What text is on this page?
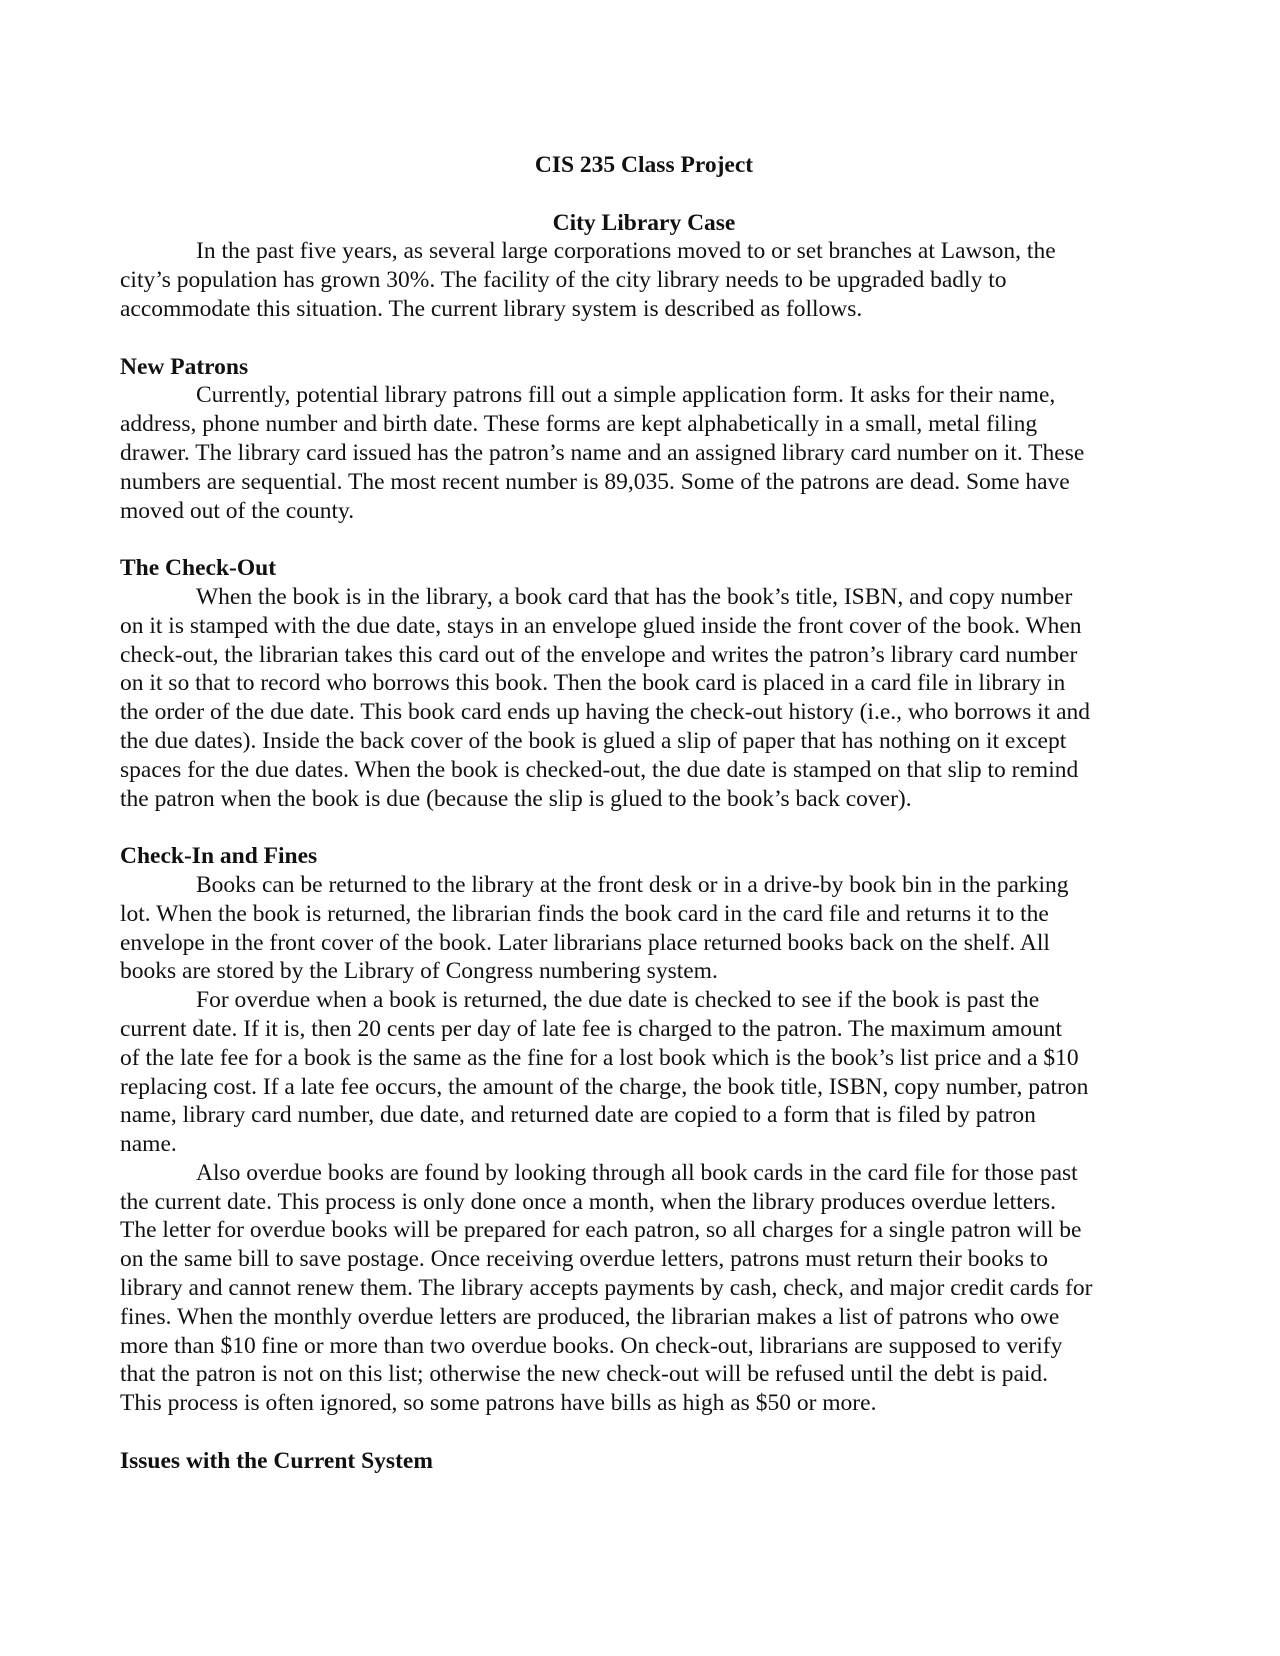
CIS 235 Class Project
City Library Case

In the past five years, as several large corporations moved to or set branches at Lawson, the
city’s population has grown 30%. The facility of the city library needs to be upgraded badly to
accommodate this situation. The current library system is described as follows.

New Patrons

Currently, potential library patrons fill out a simple application form. It asks for their name,
address, phone number and birth date. These forms are kept alphabetically in a small, metal filing
drawer. The library card issued has the patron’s name and an assigned library card number on it. These
numbers are sequential. The most recent number is 89,035. Some of the patrons are dead. Some have
moved out of the county.

The Check-Out

When the book is in the library, a book card that has the book’s title, ISBN, and copy number
on it is stamped with the due date, stays in an envelope glued inside the front cover of the book. When
check-out, the librarian takes this card out of the envelope and writes the patron’s library card number
on it so that to record who borrows this book. Then the book card is placed in a card file in library in
the order of the due date. This book card ends up having the check-out history (i.e., who borrows it and
the due dates). Inside the back cover of the book is glued a slip of paper that has nothing on it except
spaces for the due dates. When the book is checked-out, the due date is stamped on that slip to remind
the patron when the book is due (because the slip is glued to the book’s back cover).

Check-In and Fines

Books can be returned to the library at the front desk or in a drive-by book bin in the parking
lot. When the book is returned, the librarian finds the book card in the card file and returns it to the
envelope in the front cover of the book. Later librarians place returned books back on the shelf. All
books are stored by the Library of Congress numbering system.

For overdue when a book is returned, the due date is checked to see if the book is past the
current date. If it is, then 20 cents per day of late fee is charged to the patron. The maximum amount
of the late fee for a book is the same as the fine for a lost book which is the book’s list price and a $10
replacing cost. If a late fee occurs, the amount of the charge, the book title, ISBN, copy number, patron
name, library card number, due date, and returned date are copied to a form that is filed by patron
name.

Also overdue books are found by looking through all book cards in the card file for those past
the current date. This process is only done once a month, when the library produces overdue letters.
The letter for overdue books will be prepared for each patron, so all charges for a single patron will be
on the same bill to save postage. Once receiving overdue letters, patrons must return their books to
library and cannot renew them. The library accepts payments by cash, check, and major credit cards for
fines. When the monthly overdue letters are produced, the librarian makes a list of patrons who owe
more than $10 fine or more than two overdue books. On check-out, librarians are supposed to verify
that the patron is not on this list; otherwise the new check-out will be refused until the debt is paid.
This process is often ignored, so some patrons have bills as high as $50 or more.

Issues with the Current System
